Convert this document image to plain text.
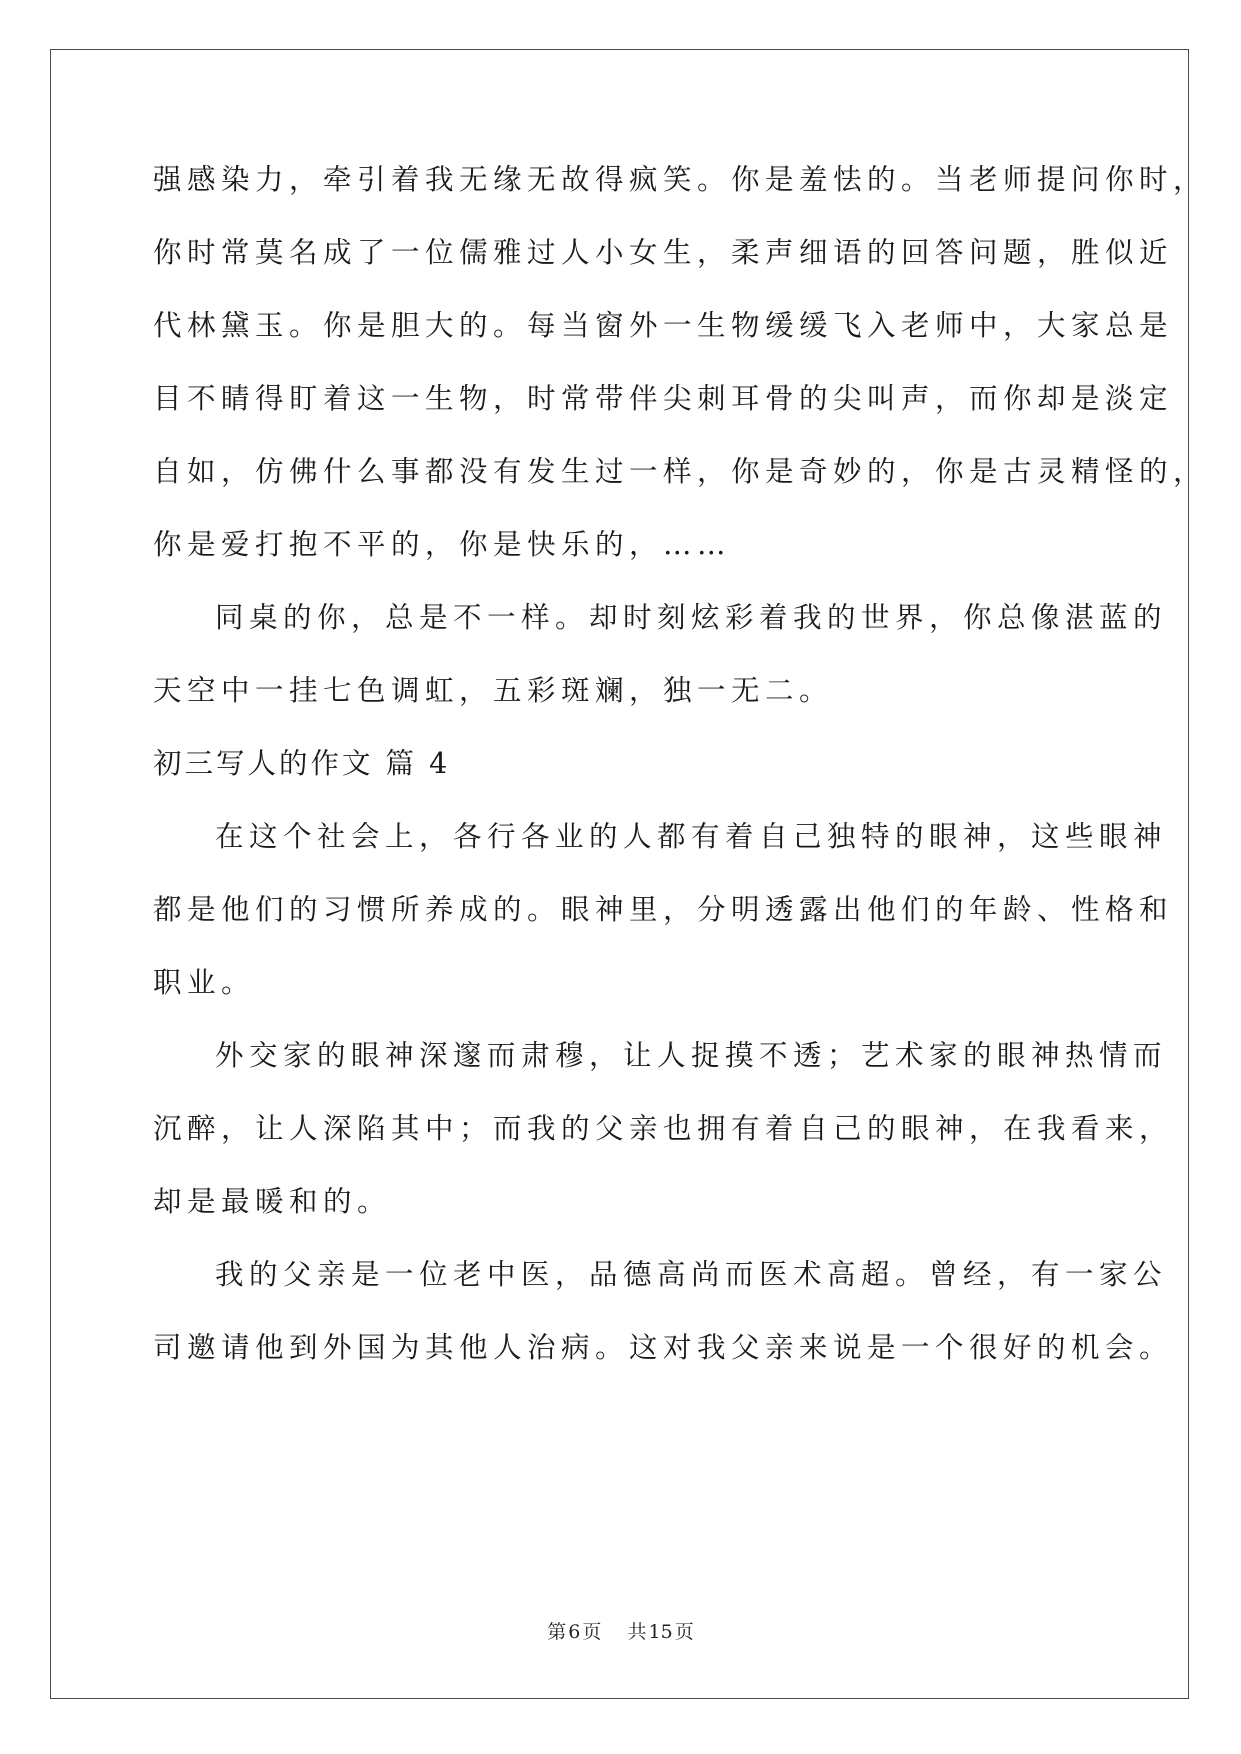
强感染力，牵引着我无缘无故得疯笑。你是羞怯的。当老师提问你时，
你时常莫名成了一位儒雅过人小女生，柔声细语的回答问题，胜似近
代林黛玉。你是胆大的。每当窗外一生物缓缓飞入老师中，大家总是
目不睛得盯着这一生物，时常带伴尖刺耳骨的尖叫声，而你却是淡定
自如，仿佛什么事都没有发生过一样，你是奇妙的，你是古灵精怪的，
你是爱打抱不平的，你是快乐的，……
同桌的你，总是不一样。却时刻炫彩着我的世界，你总像湛蓝的
天空中一挂七色调虹，五彩斑斓，独一无二。
初三写人的作文 篇 4
在这个社会上，各行各业的人都有着自己独特的眼神，这些眼神
都是他们的习惯所养成的。眼神里，分明透露出他们的年龄、性格和
职业。
外交家的眼神深邃而肃穆，让人捉摸不透；艺术家的眼神热情而
沉醉，让人深陷其中；而我的父亲也拥有着自己的眼神，在我看来，
却是最暖和的。
我的父亲是一位老中医，品德高尚而医术高超。曾经，有一家公
司邀请他到外国为其他人治病。这对我父亲来说是一个很好的机会。
第 6 页 共 15 页
